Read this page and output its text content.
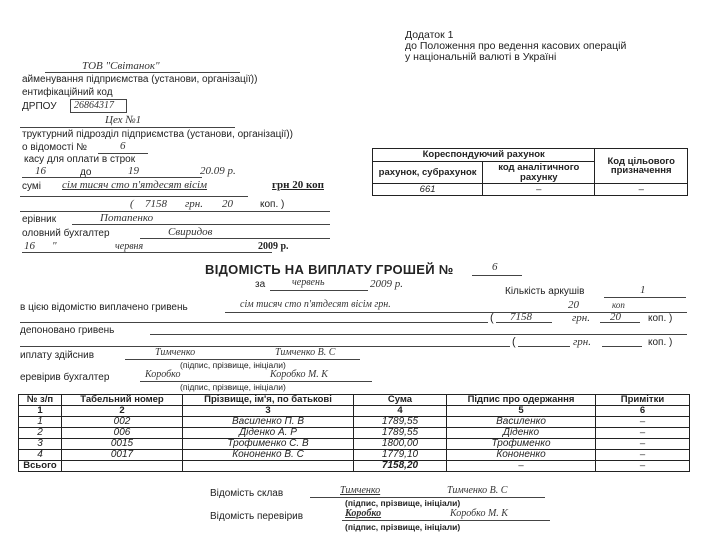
Додаток 1
до Положення про ведення касових операцій
у національній валюті в Україні
ТОВ "Світанок"
айменування підприємства (установи, організації))
ентифікаційний код
ДРПОУ	26864317
Цех №1
труктурний підрозділ підприємства (установи, організації))
о відомості №	6
касу для оплати в строк
16	до	19	20.09 р.
сумі сім тисяч сто п'ятдесят вісім	грн 20 коп
( 7158 грн. 20	коп. )
ерівник	Потапенко
оловний бухгалтер	Свиридов
16 "	червня	2009 р.
Кореспондуючий рахунок		Код цільового призначення
рахунок, субрахунок	код аналітичного рахунку	
661	–	–
ВІДОМІСТЬ НА ВИПЛАТУ ГРОШЕЙ №	6
за	червень	2009 р.
Кількість аркушів	1
в цією відомістю виплачено гривень	сім тисяч сто п'ятдесят вісім грн.	20	коп
( 7158	грн. 20	коп. )
депоновано гривень
(	грн.	коп. )
иплату здійснив	Тимченко	Тимченко В. С
(підпис, прізвище, ініціали)
еревірив бухгалтер	Коробко	Коробко М. К
(підпис, прізвище, ініціали)
№ з/п	Табельний номер	Прізвище, ім'я, по батькові	Сума	Підпис про одержання	Примітки
1	2	3	4	5	6
1	002	Василенко П. В	1789,55	Василенко	–
2	006	Діденко А. Р	1789,55	Діденко	–
3	0015	Трофименко С. В	1800,00	Трофименко	–
4	0017	Кононенко В. С	1779,10	Кононенко	–
Всього			7158,20	–	–
Відомість склав	Тимченко	Тимченко В. С
(підпис, прізвище, ініціали)
Відомість перевірив	Коробко	Коробко М. К
(підпис, прізвище, ініціали)
